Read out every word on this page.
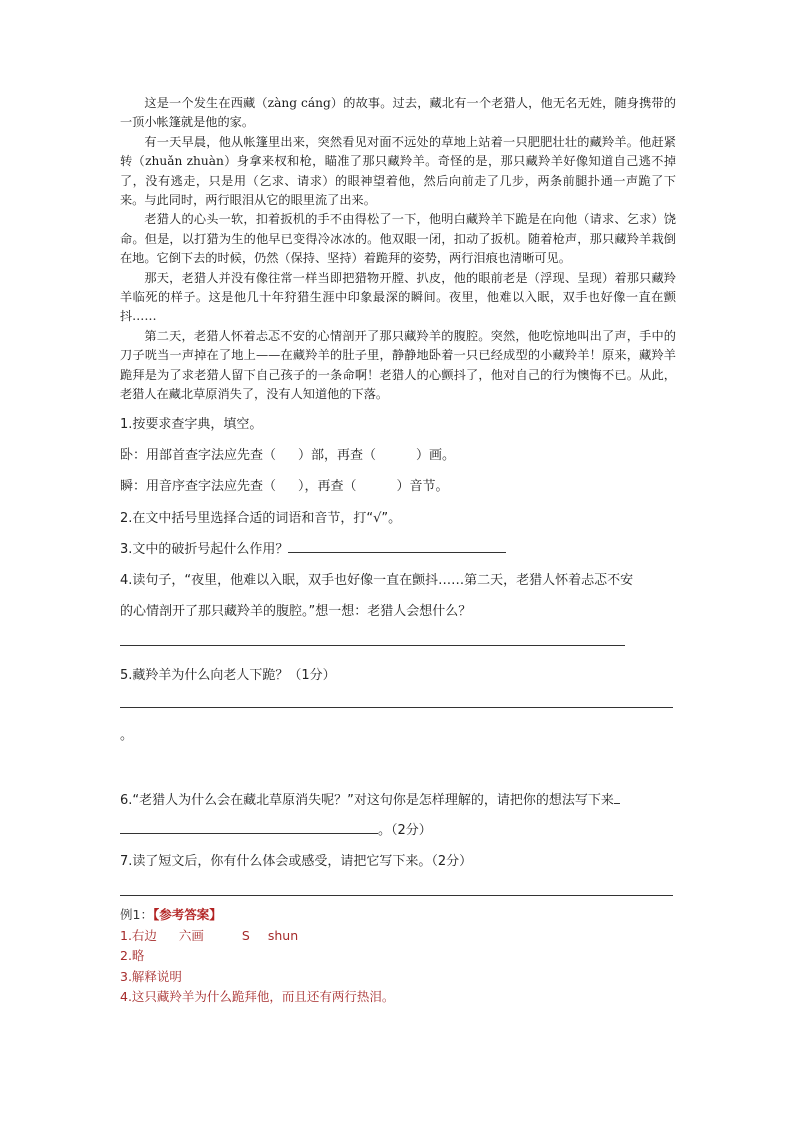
这是一个发生在西藏（zàng cáng）的故事。过去，藏北有一个老猎人，他无名无姓，随身携带的一顶小帐篷就是他的家。

有一天早晨，他从帐篷里出来，突然看见对面不远处的草地上站着一只肥肥壮壮的藏羚羊。他赶紧转（zhuǎn zhuàn）身拿来杈和枪，瞄准了那只藏羚羊。奇怪的是，那只藏羚羊好像知道自己逃不掉了，没有逃走，只是用（乞求、请求）的眼神望着他，然后向前走了几步，两条前腿扑通一声跪了下来。与此同时，两行眼泪从它的眼里流了出来。

老猎人的心头一软，扣着扳机的手不由得松了一下，他明白藏羚羊下跪是在向他（请求、乞求）饶命。但是，以打猎为生的他早已变得冷冰冰的。他双眼一闭，扣动了扳机。随着枪声，那只藏羚羊栽倒在地。它倒下去的时候，仍然（保持、坚持）着跪拜的姿势，两行泪痕也清晰可见。

那天，老猎人并没有像往常一样当即把猎物开膛、扒皮，他的眼前老是（浮现、呈现）着那只藏羚羊临死的样子。这是他几十年狩猎生涯中印象最深的瞬间。夜里，他难以入眠，双手也好像一直在颤抖……

第二天，老猎人怀着忐忑不安的心情剖开了那只藏羚羊的腹腔。突然，他吃惊地叫出了声，手中的刀子咣当一声掉在了地上——在藏羚羊的肚子里，静静地卧着一只已经成型的小藏羚羊！原来，藏羚羊跪拜是为了求老猎人留下自己孩子的一条命啊！老猎人的心颤抖了，他对自己的行为懊悔不已。从此，老猎人在藏北草原消失了，没有人知道他的下落。

1.按要求查字典，填空。
卧：用部首查字法应先查（ ）部，再查（	）画。
瞬：用音序查字法应先查（ ），再查（	）音节。
2.在文中括号里选择合适的词语和音节，打“√”。
3.文中的破折号起什么作用？
4.读句子，“夜里，他难以入眠，双手也好像一直在颤抖……第二天，老猎人怀着忐忑不安
的心情剖开了那只藏羚羊的腹腔。”想一想：老猎人会想什么？
5.藏羚羊为什么向老人下跪？（1分）
。
6.“老猎人为什么会在藏北草原消失呢？”对这句你是怎样理解的，请把你的想法写下来
。（2分）
7.读了短文后，你有什么体会或感受，请把它写下来。（2分）
例1：【参考答案】
1.右边 六画	S shun
2.略
3.解释说明
4.这只藏羚羊为什么跪拜他，而且还有两行热泪。
